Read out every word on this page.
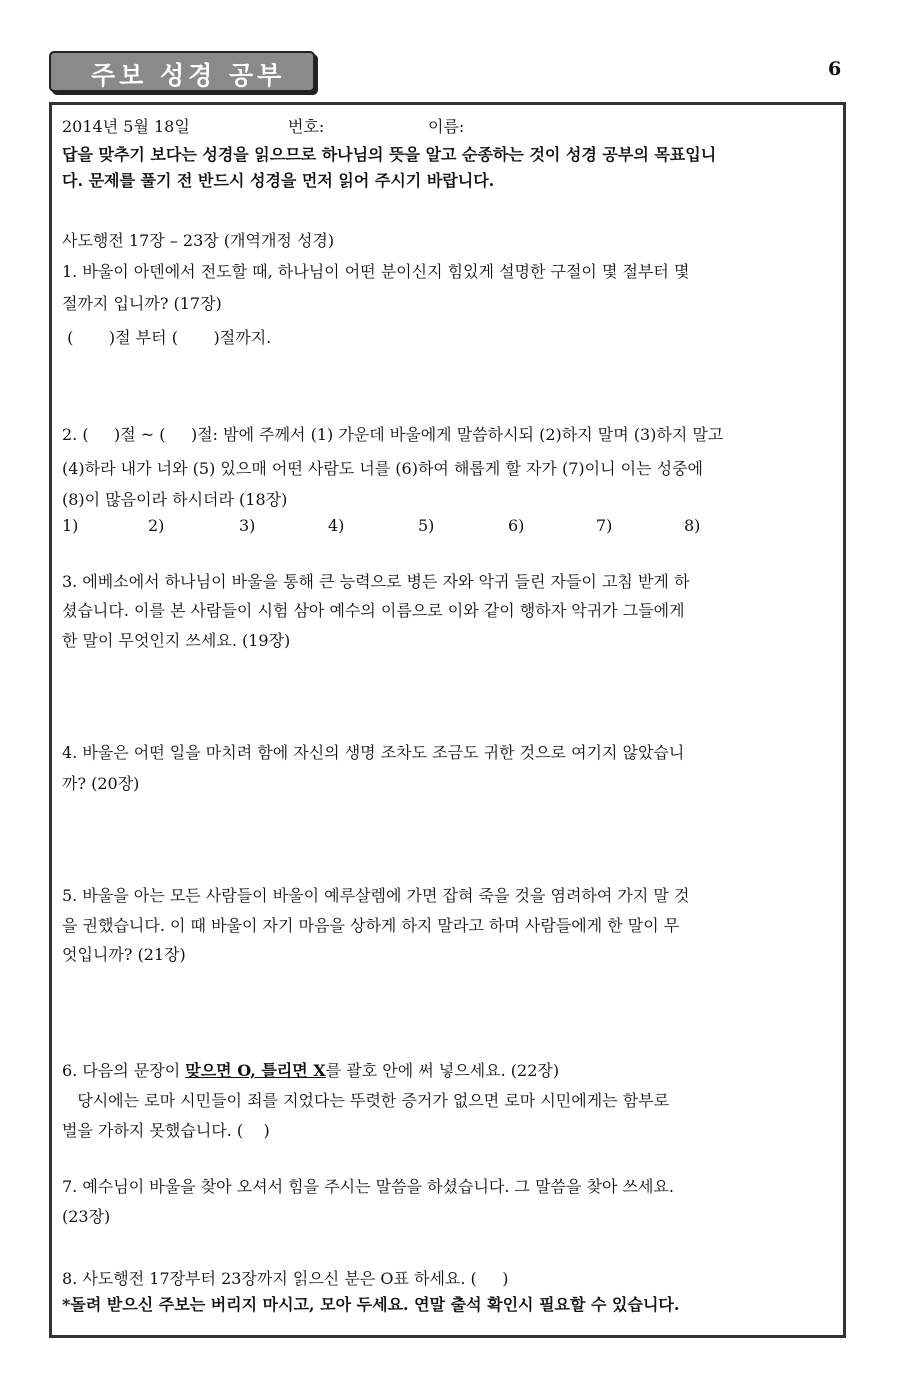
주보 성경 공부	6
2014년 5월 18일	번호:	이름:
답을 맞추기 보다는 성경을 읽으므로 하나님의 뜻을 알고 순종하는 것이 성경 공부의 목표입니
다. 문제를 풀기 전 반드시 성경을 먼저 읽어 주시기 바랍니다.
사도행전 17장 – 23장 (개역개정 성경)
1. 바울이 아덴에서 전도할 때, 하나님이 어떤 분이신지 힘있게 설명한 구절이 몇 절부터 몇
절까지 입니까? (17장)
(       )절 부터 (       )절까지.
2. (     )절 ~ (     )절: 밤에 주께서 (1) 가운데 바울에게 말씀하시되 (2)하지 말며 (3)하지 말고
(4)하라 내가 너와 (5) 있으매 어떤 사람도 너를 (6)하여 해롭게 할 자가 (7)이니 이는 성중에
(8)이 많음이라 하시더라 (18장)
1)	2)	3)	4)	5)	6)	7)	8)
3. 에베소에서 하나님이 바울을 통해 큰 능력으로 병든 자와 악귀 들린 자들이 고침 받게 하
셨습니다. 이를 본 사람들이 시험 삼아 예수의 이름으로 이와 같이 행하자 악귀가 그들에게
한 말이 무엇인지 쓰세요. (19장)
4. 바울은 어떤 일을 마치려 함에 자신의 생명 조차도 조금도 귀한 것으로 여기지 않았습니
까? (20장)
5. 바울을 아는 모든 사람들이 바울이 예루살렘에 가면 잡혀 죽을 것을 염려하여 가지 말 것
을 권했습니다. 이 때 바울이 자기 마음을 상하게 하지 말라고 하며 사람들에게 한 말이 무
엇입니까? (21장)
6. 다음의 문장이 맞으면 O, 틀리면 X를 괄호 안에 써 넣으세요. (22장)
당시에는 로마 시민들이 죄를 지었다는 뚜렷한 증거가 없으면 로마 시민에게는 함부로
벌을 가하지 못했습니다. (    )
7. 예수님이 바울을 찾아 오셔서 힘을 주시는 말씀을 하셨습니다. 그 말씀을 찾아 쓰세요.
(23장)
8. 사도행전 17장부터 23장까지 읽으신 분은 O표 하세요. (     )
*돌려 받으신 주보는 버리지 마시고, 모아 두세요. 연말 출석 확인시 필요할 수 있습니다.
